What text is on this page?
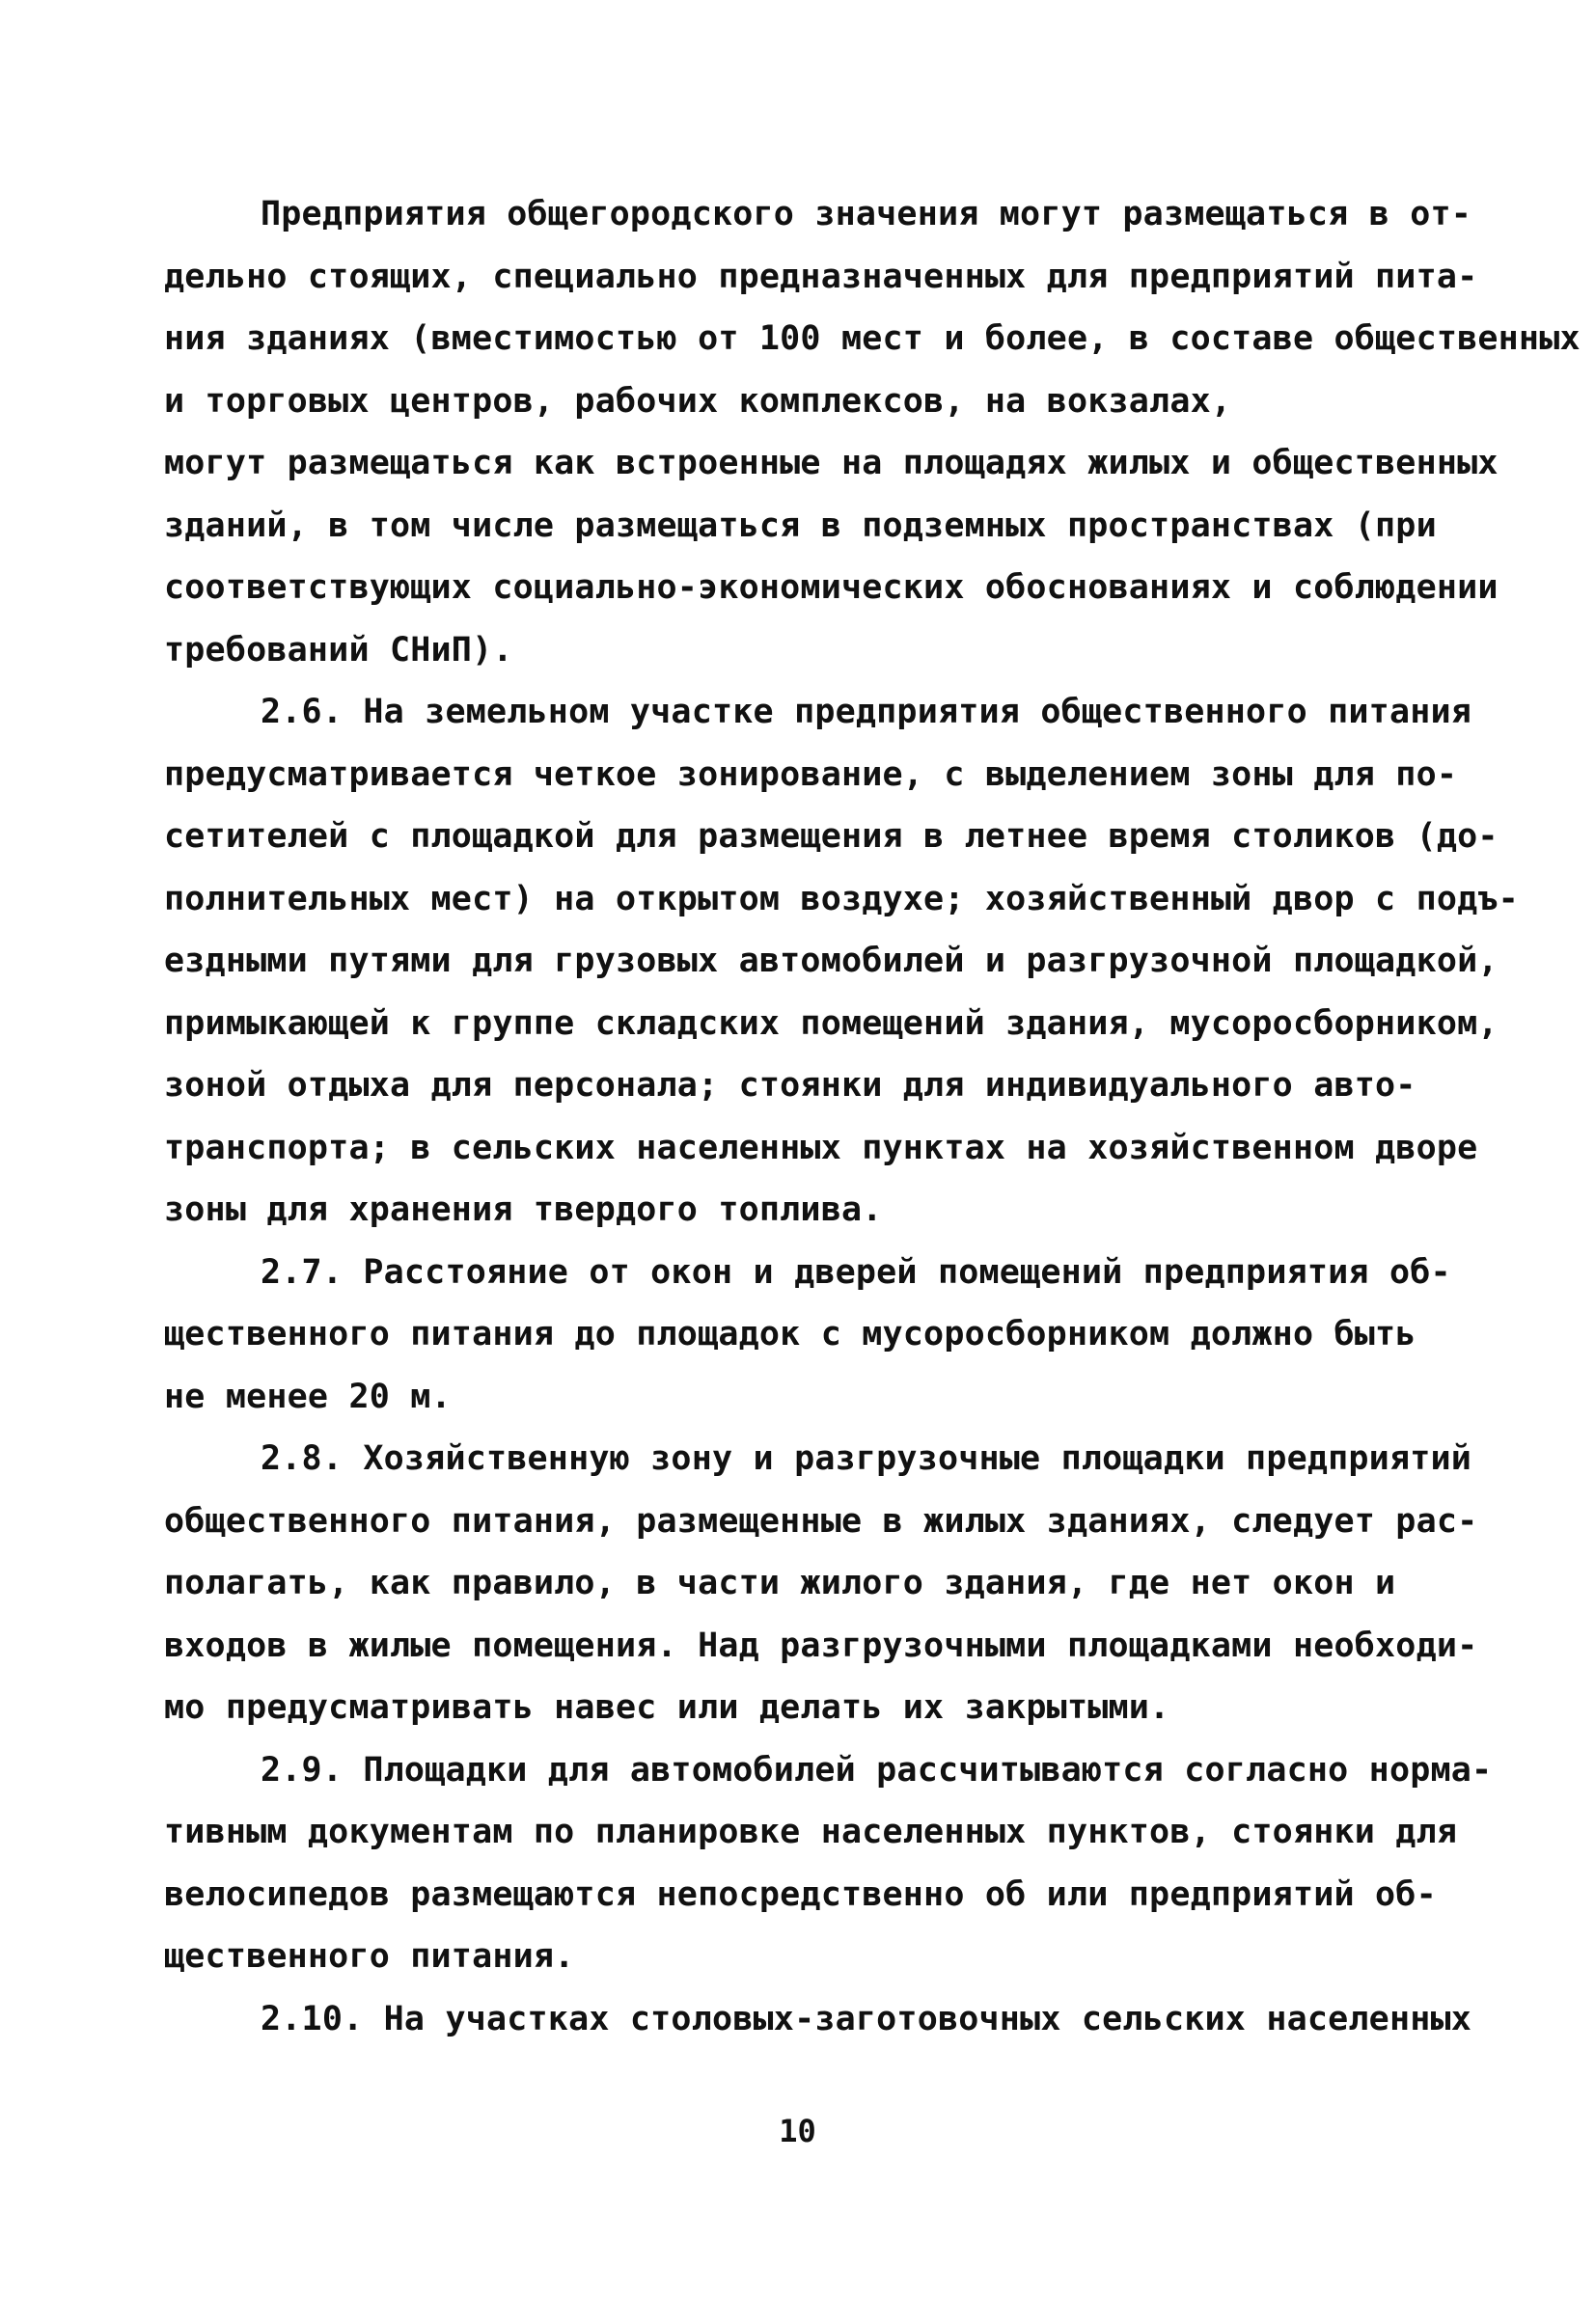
Предприятия общегородского значения могут размещаться в от-
дельно стоящих, специально предназначенных для предприятий пита-
ния зданиях (вместимостью от 100 мест и более, в составе общественных
и торговых центров, рабочих комплексов, на вокзалах,
могут размещаться как встроенные на площадях жилых и общественных
зданий, в том числе размещаться в подземных пространствах (при
соответствующих социально-экономических обоснованиях и соблюдении
требований СНиП).
2.6. На земельном участке предприятия общественного питания
предусматривается четкое зонирование, с выделением зоны для по-
сетителей с площадкой для размещения в летнее время столиков (до-
полнительных мест) на открытом воздухе; хозяйственный двор с подъ-
ездными путями для грузовых автомобилей и разгрузочной площадкой,
примыкающей к группе складских помещений здания, мусоросборником,
зоной отдыха для персонала; стоянки для индивидуального авто-
транспорта; в сельских населенных пунктах на хозяйственном дворе
зоны для хранения твердого топлива.
2.7. Расстояние от окон и дверей помещений предприятия об-
щественного питания до площадок с мусоросборником должно быть
не менее 20 м.
2.8. Хозяйственную зону и разгрузочные площадки предприятий
общественного питания, размещенные в жилых зданиях, следует рас-
полагать, как правило, в части жилого здания, где нет окон и
входов в жилые помещения. Над разгрузочными площадками необходи-
мо предусматривать навес или делать их закрытыми.
2.9. Площадки для автомобилей рассчитываются согласно норма-
тивным документам по планировке населенных пунктов, стоянки для
велосипедов размещаются непосредственно об или предприятий об-
щественного питания.
2.10. На участках столовых-заготовочных сельских населенных
10
